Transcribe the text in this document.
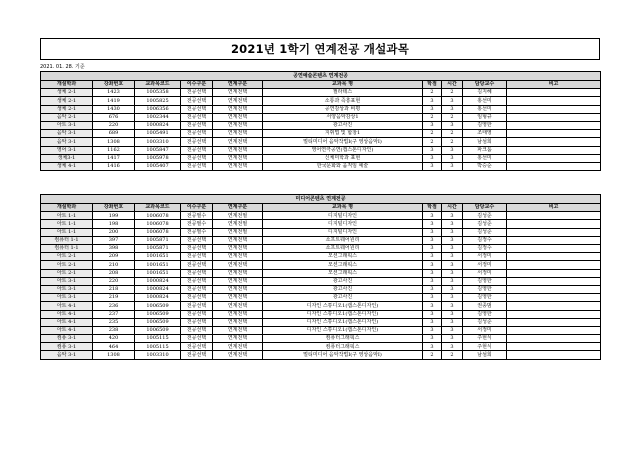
2021년 1학기 연계전공 개설과목
2021. 01. 28. 기준
공연예술콘텐츠 연계전공									
개설학과	강좌번호	교과목코드	이수구분	연계구분	교과목 명	학점	시간	담당교수	비고
생체 2-1	1423	1005358	전공선택	연계전택	필라테스	2	2	김지혜	
생체 2-1	1419	1005825	전공선택	연계전택	소통과 즉흥표현	3	3	홍선미	
생체 2-1	1430	1006356	전공선택	연계전택	공연감상과 비평	3	3	홍선미	
음악 2-1	676	1002344	전공선택	연계전택	서양음악감상1	2	2	임형규	
아트 3-1	220	1000824	전공선택	연계전택	광고사진	3	3	김영한	
음악 3-1	689	1005491	전공선택	연계전택	지휘법 및 합창1	2	2	조태영	
음악 3-1	1308	1003310	전공선택	연계전택	멀티미디어 음악작법I(구 영상음악I)	2	2	남섬희	
영어 3-1	1162	1005847	전공선택	연계전택	영어연극공연(캡스톤디자인)	3	3	파크룸	
생체3-1	1417	1005978	전공선택	연계전택	신체미학과 표현	3	3	홍선미	
생체 4-1	1416	1005407	전공선택	연계전택	한국문화와 움직임 예술	3	3	박승순	
미디어콘텐츠 연계전공									
개설학과	강좌번호	교과목코드	이수구분	연계구분	교과목 명	학점	시간	담당교수	비고
아트 1-1	199	1006078	전공필수	연계전필	디지털디자인	3	3	김성준	
아트 1-1	198	1006078	전공필수	연계전필	디지털디자인	3	3	김성준	
아트 1-1	200	1006078	전공필수	연계전필	디지털디자인	3	3	김성준	
컴퓨터 1-1	397	1005871	전공선택	연계전택	소프트웨어원리	3	3	김정수	
컴퓨터 1-1	398	1005871	전공선택	연계전택	소프트웨어원리	3	3	김정수	
아트 2-1	209	1001651	전공선택	연계전택	모션그래픽스	3	3	서정미	
아트 2-1	210	1001651	전공선택	연계전택	모션그래픽스	3	3	서정미	
아트 2-1	208	1001651	전공선택	연계전택	모션그래픽스	3	3	서정미	
아트 3-1	220	1000824	전공선택	연계전택	광고사진	3	3	김영한	
아트 3-1	218	1000824	전공선택	연계전택	광고사진	3	3	김영한	
아트 3-1	219	1000824	전공선택	연계전택	광고사진	3	3	김영한	
아트 4-1	236	1006509	전공선택	연계전택	디자인 스튜디오1(캡스톤디자인)	3	3	권종범	
아트 4-1	237	1006509	전공선택	연계전택	디자인 스튜디오1(캡스톤디자인)	3	3	김영한	
아트 4-1	235	1006509	전공선택	연계전택	디자인 스튜디오1(캡스톤디자인)	3	3	김성준	
아트 4-1	238	1006509	전공선택	연계전택	디자인 스튜디오1(캡스톤디자인)	3	3	서정미	
컴퓨 3-1	420	1005115	전공선택	연계전택	컴퓨터그래픽스	3	3	주현식	
컴퓨 3-1	464	1005115	전공선택	연계전택	컴퓨터그래픽스	3	3	주현식	
음악 3-1	1308	1003310	전공선택	연계전택	멀티미디어 음악작법I(구 영상음악I)	2	2	남섬희	
